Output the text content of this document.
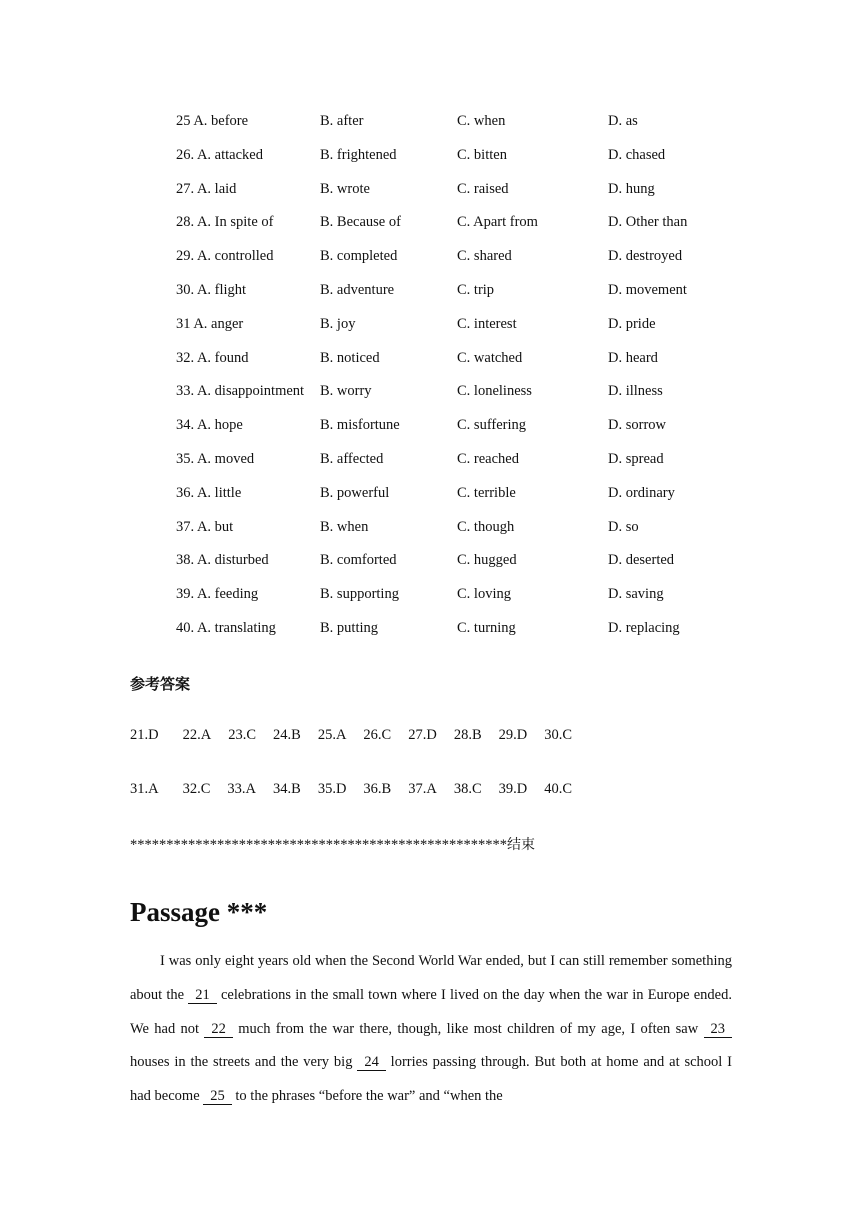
25 A. before	B. after	C. when	D. as
26. A. attacked	B. frightened	C. bitten	D. chased
27. A. laid	B. wrote	C. raised	D. hung
28. A. In spite of	B. Because of	C. Apart from	D. Other than
29. A. controlled	B. completed	C. shared	D. destroyed
30. A. flight	B. adventure	C. trip	D. movement
31 A. anger	B. joy	C. interest	D. pride
32. A. found	B. noticed	C. watched	D. heard
33. A. disappointment B. worry	C. loneliness	D. illness
34. A. hope	B. misfortune	C. suffering	D. sorrow
35. A. moved	B. affected	C. reached	D. spread
36. A. little	B. powerful	C. terrible	D. ordinary
37. A. but	B. when	C. though	D. so
38. A. disturbed	B. comforted	C. hugged	D. deserted
39. A. feeding	B. supporting	C. loving	D. saving
40. A. translating	B. putting	C. turning	D. replacing
参考答案
21.D 22.A 23.C 24.B 25.A 26.C 27.D 28.B 29.D 30.C
31.A 32.C 33.A 34.B 35.D 36.B 37.A 38.C 39.D 40.C
****************************************************结束
Passage ***
I was only eight years old when the Second World War ended, but I can still remember something about the 21 celebrations in the small town where I lived on the day when the war in Europe ended. We had not 22 much from the war there, though, like most children of my age, I often saw 23 houses in the streets and the very big 24 lorries passing through. But both at home and at school I had become 25 to the phrases “before the war” and “when the
